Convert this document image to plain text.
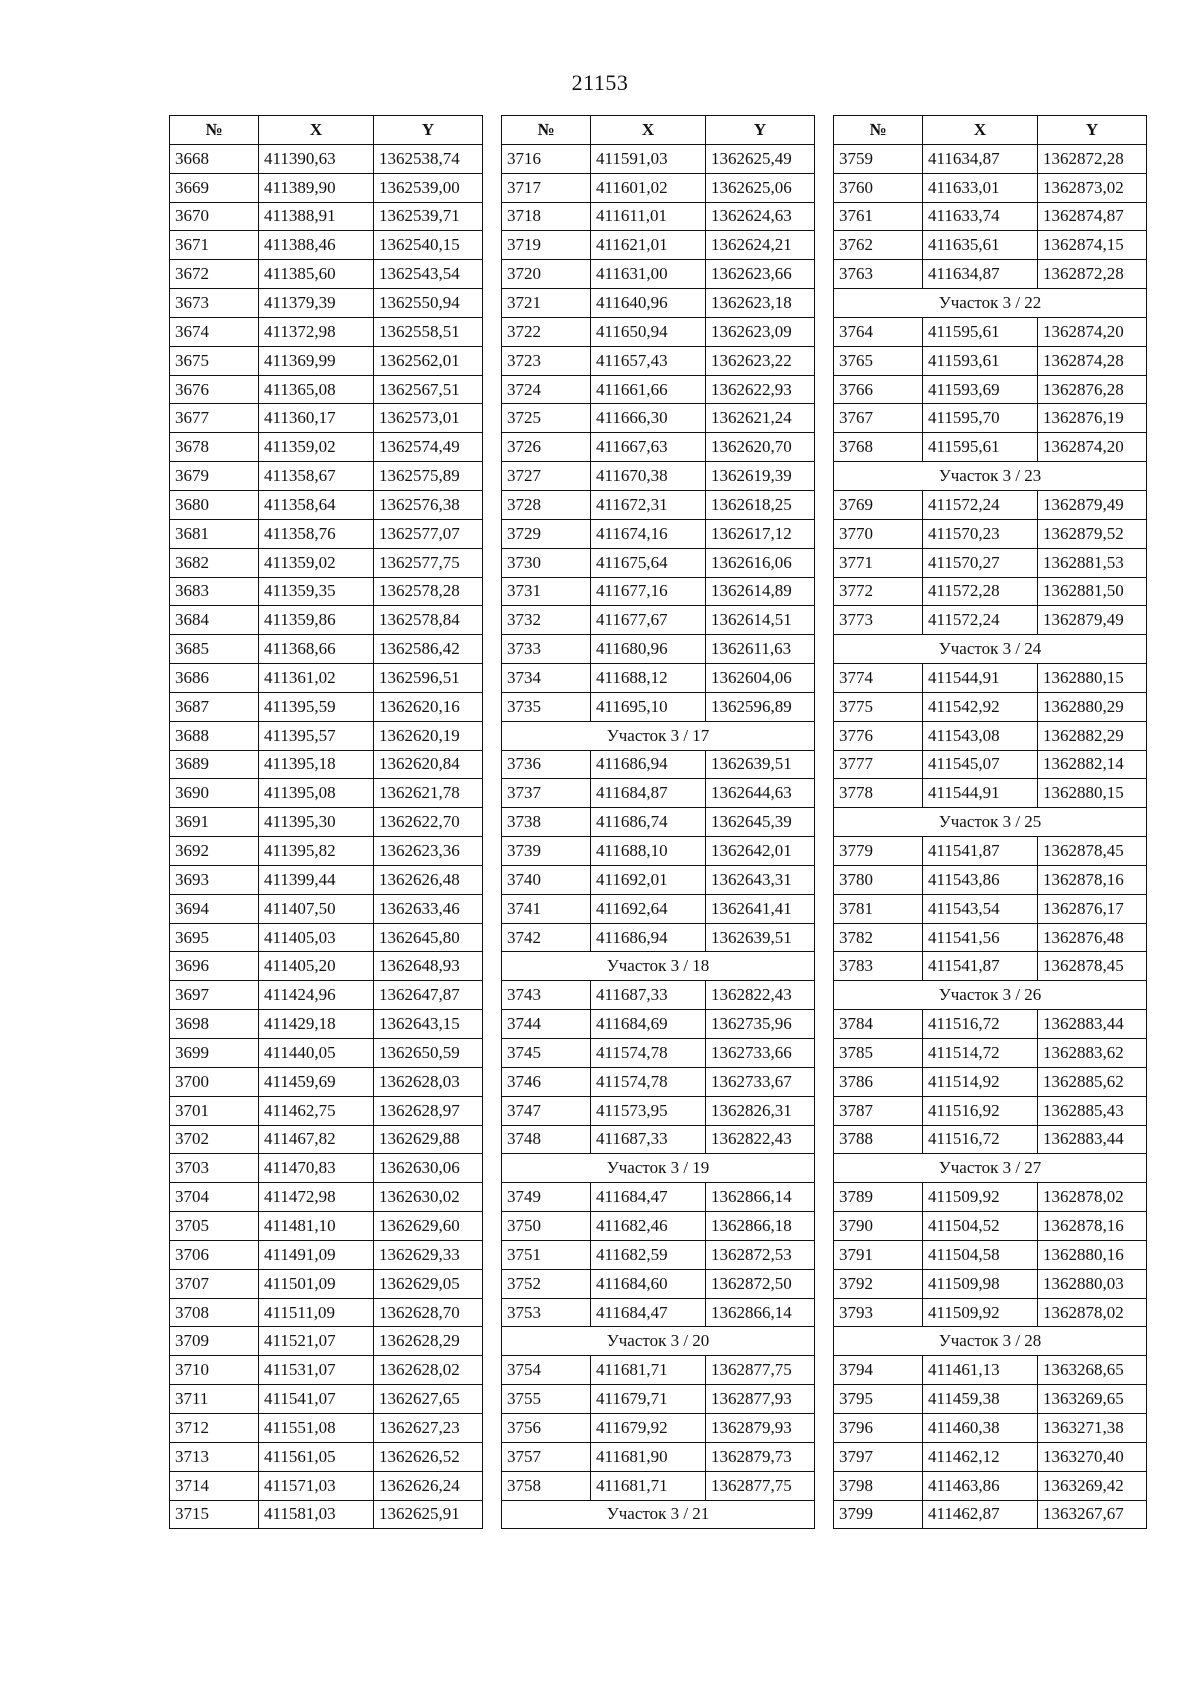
21153
№	X	Y
3668	411390,63	1362538,74
3669	411389,90	1362539,00
3670	411388,91	1362539,71
3671	411388,46	1362540,15
3672	411385,60	1362543,54
3673	411379,39	1362550,94
3674	411372,98	1362558,51
3675	411369,99	1362562,01
3676	411365,08	1362567,51
3677	411360,17	1362573,01
3678	411359,02	1362574,49
3679	411358,67	1362575,89
3680	411358,64	1362576,38
3681	411358,76	1362577,07
3682	411359,02	1362577,75
3683	411359,35	1362578,28
3684	411359,86	1362578,84
3685	411368,66	1362586,42
3686	411361,02	1362596,51
3687	411395,59	1362620,16
3688	411395,57	1362620,19
3689	411395,18	1362620,84
3690	411395,08	1362621,78
3691	411395,30	1362622,70
3692	411395,82	1362623,36
3693	411399,44	1362626,48
3694	411407,50	1362633,46
3695	411405,03	1362645,80
3696	411405,20	1362648,93
3697	411424,96	1362647,87
3698	411429,18	1362643,15
3699	411440,05	1362650,59
3700	411459,69	1362628,03
3701	411462,75	1362628,97
3702	411467,82	1362629,88
3703	411470,83	1362630,06
3704	411472,98	1362630,02
3705	411481,10	1362629,60
3706	411491,09	1362629,33
3707	411501,09	1362629,05
3708	411511,09	1362628,70
3709	411521,07	1362628,29
3710	411531,07	1362628,02
3711	411541,07	1362627,65
3712	411551,08	1362627,23
3713	411561,05	1362626,52
3714	411571,03	1362626,24
3715	411581,03	1362625,91
№	X	Y
3716	411591,03	1362625,49
3717	411601,02	1362625,06
3718	411611,01	1362624,63
3719	411621,01	1362624,21
3720	411631,00	1362623,66
3721	411640,96	1362623,18
3722	411650,94	1362623,09
3723	411657,43	1362623,22
3724	411661,66	1362622,93
3725	411666,30	1362621,24
3726	411667,63	1362620,70
3727	411670,38	1362619,39
3728	411672,31	1362618,25
3729	411674,16	1362617,12
3730	411675,64	1362616,06
3731	411677,16	1362614,89
3732	411677,67	1362614,51
3733	411680,96	1362611,63
3734	411688,12	1362604,06
3735	411695,10	1362596,89
Участок 3 / 17		
3736	411686,94	1362639,51
3737	411684,87	1362644,63
3738	411686,74	1362645,39
3739	411688,10	1362642,01
3740	411692,01	1362643,31
3741	411692,64	1362641,41
3742	411686,94	1362639,51
Участок 3 / 18		
3743	411687,33	1362822,43
3744	411684,69	1362735,96
3745	411574,78	1362733,66
3746	411574,78	1362733,67
3747	411573,95	1362826,31
3748	411687,33	1362822,43
Участок 3 / 19		
3749	411684,47	1362866,14
3750	411682,46	1362866,18
3751	411682,59	1362872,53
3752	411684,60	1362872,50
3753	411684,47	1362866,14
Участок 3 / 20		
3754	411681,71	1362877,75
3755	411679,71	1362877,93
3756	411679,92	1362879,93
3757	411681,90	1362879,73
3758	411681,71	1362877,75
Участок 3 / 21		
№	X	Y
3759	411634,87	1362872,28
3760	411633,01	1362873,02
3761	411633,74	1362874,87
3762	411635,61	1362874,15
3763	411634,87	1362872,28
Участок 3 / 22		
3764	411595,61	1362874,20
3765	411593,61	1362874,28
3766	411593,69	1362876,28
3767	411595,70	1362876,19
3768	411595,61	1362874,20
Участок 3 / 23		
3769	411572,24	1362879,49
3770	411570,23	1362879,52
3771	411570,27	1362881,53
3772	411572,28	1362881,50
3773	411572,24	1362879,49
Участок 3 / 24		
3774	411544,91	1362880,15
3775	411542,92	1362880,29
3776	411543,08	1362882,29
3777	411545,07	1362882,14
3778	411544,91	1362880,15
Участок 3 / 25		
3779	411541,87	1362878,45
3780	411543,86	1362878,16
3781	411543,54	1362876,17
3782	411541,56	1362876,48
3783	411541,87	1362878,45
Участок 3 / 26		
3784	411516,72	1362883,44
3785	411514,72	1362883,62
3786	411514,92	1362885,62
3787	411516,92	1362885,43
3788	411516,72	1362883,44
Участок 3 / 27		
3789	411509,92	1362878,02
3790	411504,52	1362878,16
3791	411504,58	1362880,16
3792	411509,98	1362880,03
3793	411509,92	1362878,02
Участок 3 / 28		
3794	411461,13	1363268,65
3795	411459,38	1363269,65
3796	411460,38	1363271,38
3797	411462,12	1363270,40
3798	411463,86	1363269,42
3799	411462,87	1363267,67
